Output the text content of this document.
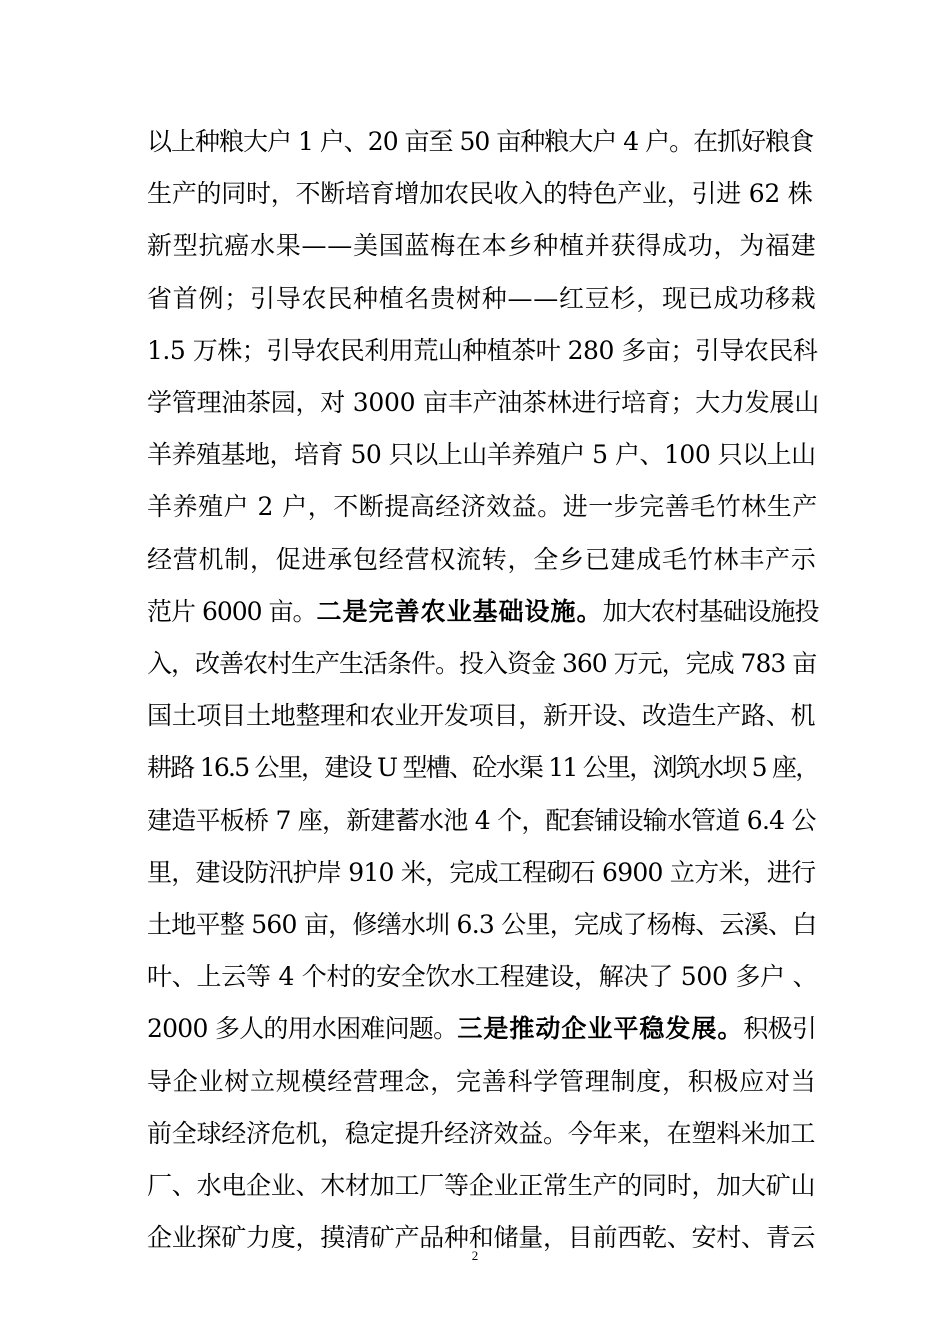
以上种粮大户 1 户、20 亩至 50 亩种粮大户 4 户。在抓好粮食
生产的同时，不断培育增加农民收入的特色产业，引进 62 株
新型抗癌水果——美国蓝梅在本乡种植并获得成功，为福建
省首例；引导农民种植名贵树种——红豆杉，现已成功移栽
1.5 万株；引导农民利用荒山种植茶叶 280 多亩；引导农民科
学管理油茶园，对 3000 亩丰产油茶林进行培育；大力发展山
羊养殖基地，培育 50 只以上山羊养殖户 5 户、100 只以上山
羊养殖户 2 户，不断提高经济效益。进一步完善毛竹林生产
经营机制，促进承包经营权流转，全乡已建成毛竹林丰产示
范片 6000 亩。二是完善农业基础设施。加大农村基础设施投
入，改善农村生产生活条件。投入资金 360 万元，完成 783 亩
国土项目土地整理和农业开发项目，新开设、改造生产路、机
耕路 16.5 公里，建设 U 型槽、砼水渠 11 公里，浏筑水坝 5 座，
建造平板桥 7 座，新建蓄水池 4 个，配套铺设输水管道 6.4 公
里，建设防汛护岸 910 米，完成工程砌石 6900 立方米，进行
土地平整 560 亩，修缮水圳 6.3 公里，完成了杨梅、云溪、白
叶、上云等 4 个村的安全饮水工程建设，解决了 500 多户 、
2000 多人的用水困难问题。三是推动企业平稳发展。积极引
导企业树立规模经营理念，完善科学管理制度，积极应对当
前全球经济危机，稳定提升经济效益。今年来，在塑料米加工
厂、水电企业、木材加工厂等企业正常生产的同时，加大矿山
企业探矿力度，摸清矿产品种和储量，目前西乾、安村、青云
2
